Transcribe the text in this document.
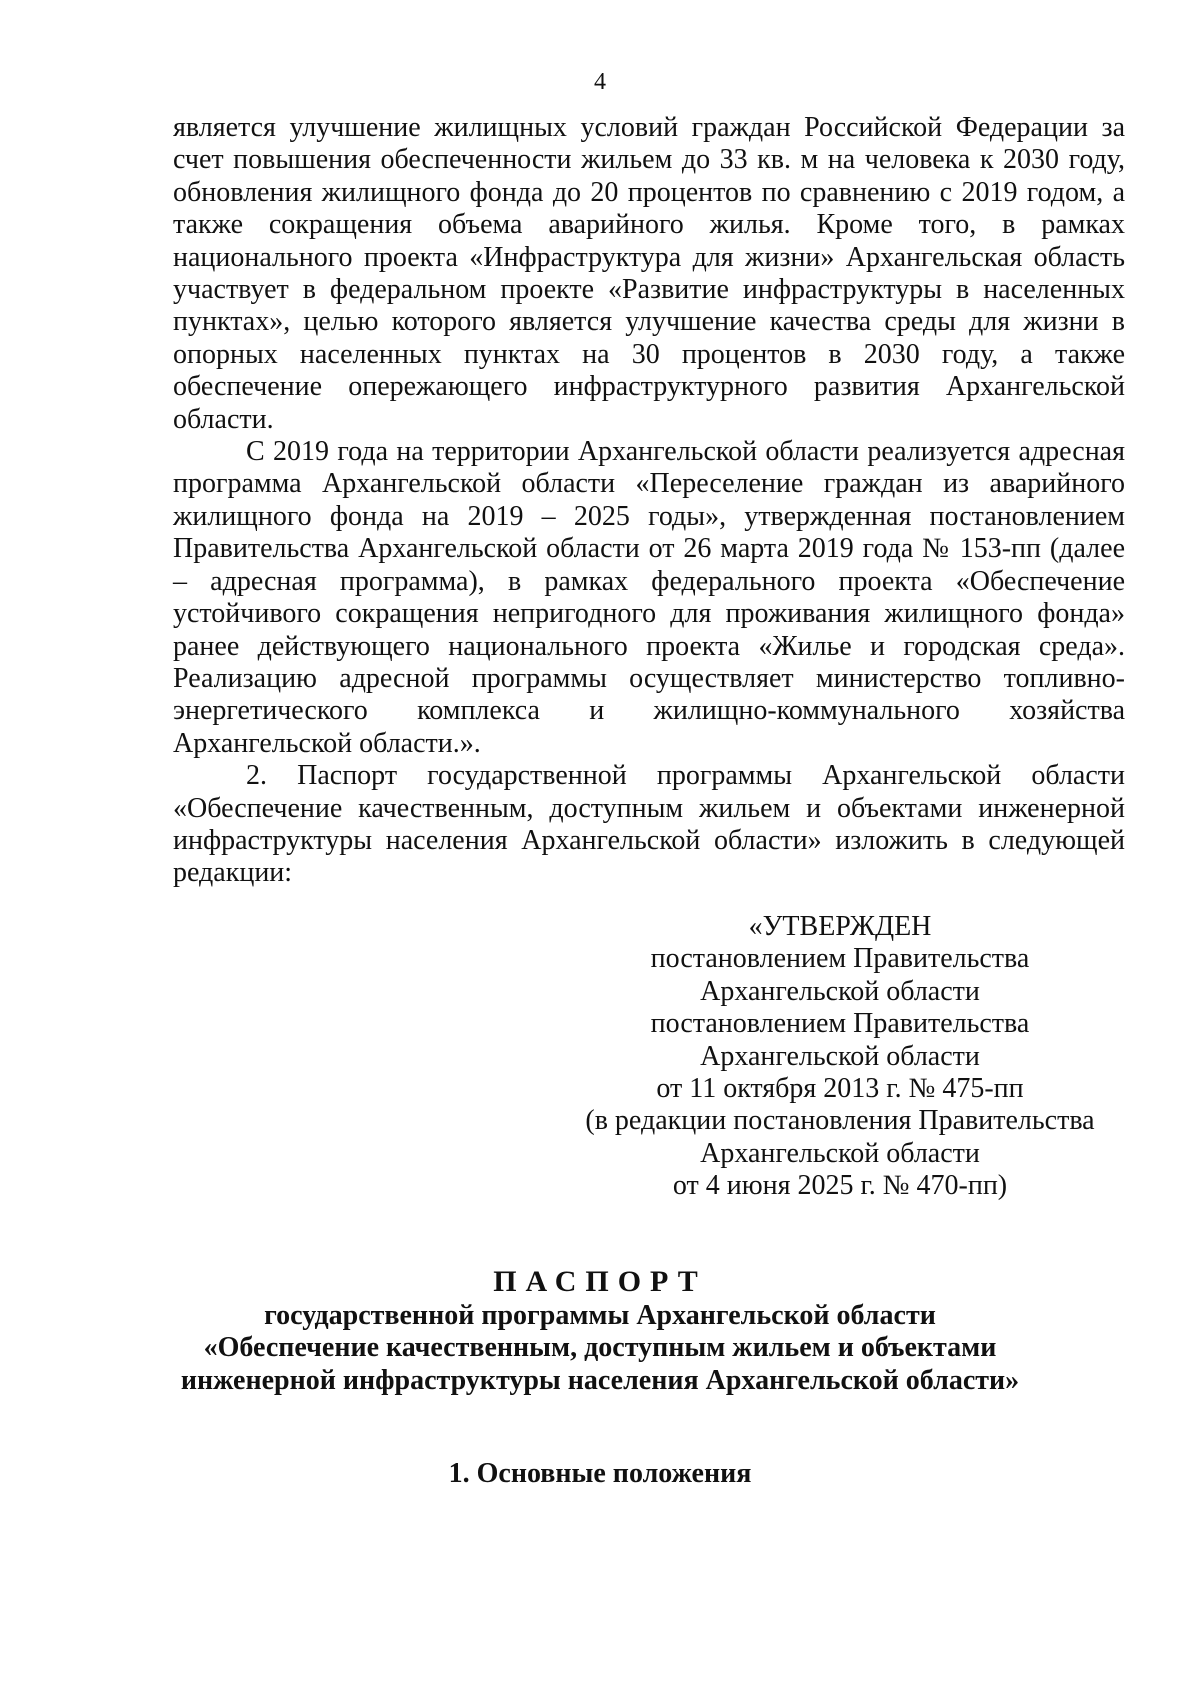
4

является улучшение жилищных условий граждан Российской Федерации за счет повышения обеспеченности жильем до 33 кв. м на человека к 2030 году, обновления жилищного фонда до 20 процентов по сравнению с 2019 годом, а также сокращения объема аварийного жилья. Кроме того, в рамках национального проекта «Инфраструктура для жизни» Архангельская область участвует в федеральном проекте «Развитие инфраструктуры в населенных пунктах», целью которого является улучшение качества среды для жизни в опорных населенных пунктах на 30 процентов в 2030 году, а также обеспечение опережающего инфраструктурного развития Архангельской области.

С 2019 года на территории Архангельской области реализуется адресная программа Архангельской области «Переселение граждан из аварийного жилищного фонда на 2019 – 2025 годы», утвержденная постановлением Правительства Архангельской области от 26 марта 2019 года № 153-пп (далее – адресная программа), в рамках федерального проекта «Обеспечение устойчивого сокращения непригодного для проживания жилищного фонда» ранее действующего национального проекта «Жилье и городская среда». Реализацию адресной программы осуществляет министерство топливно-энергетического комплекса и жилищно-коммунального хозяйства Архангельской области.».

2. Паспорт государственной программы Архангельской области «Обеспечение качественным, доступным жильем и объектами инженерной инфраструктуры населения Архангельской области» изложить в следующей редакции:

«УТВЕРЖДЕН
постановлением Правительства
Архангельской области
постановлением Правительства
Архангельской области
от 11 октября 2013 г. № 475-пп
(в редакции постановления Правительства
Архангельской области
от 4 июня 2025 г. № 470-пп)
ПАСПОРТ
государственной программы Архангельской области
«Обеспечение качественным, доступным жильем и объектами
инженерной инфраструктуры населения Архангельской области»
1. Основные положения
